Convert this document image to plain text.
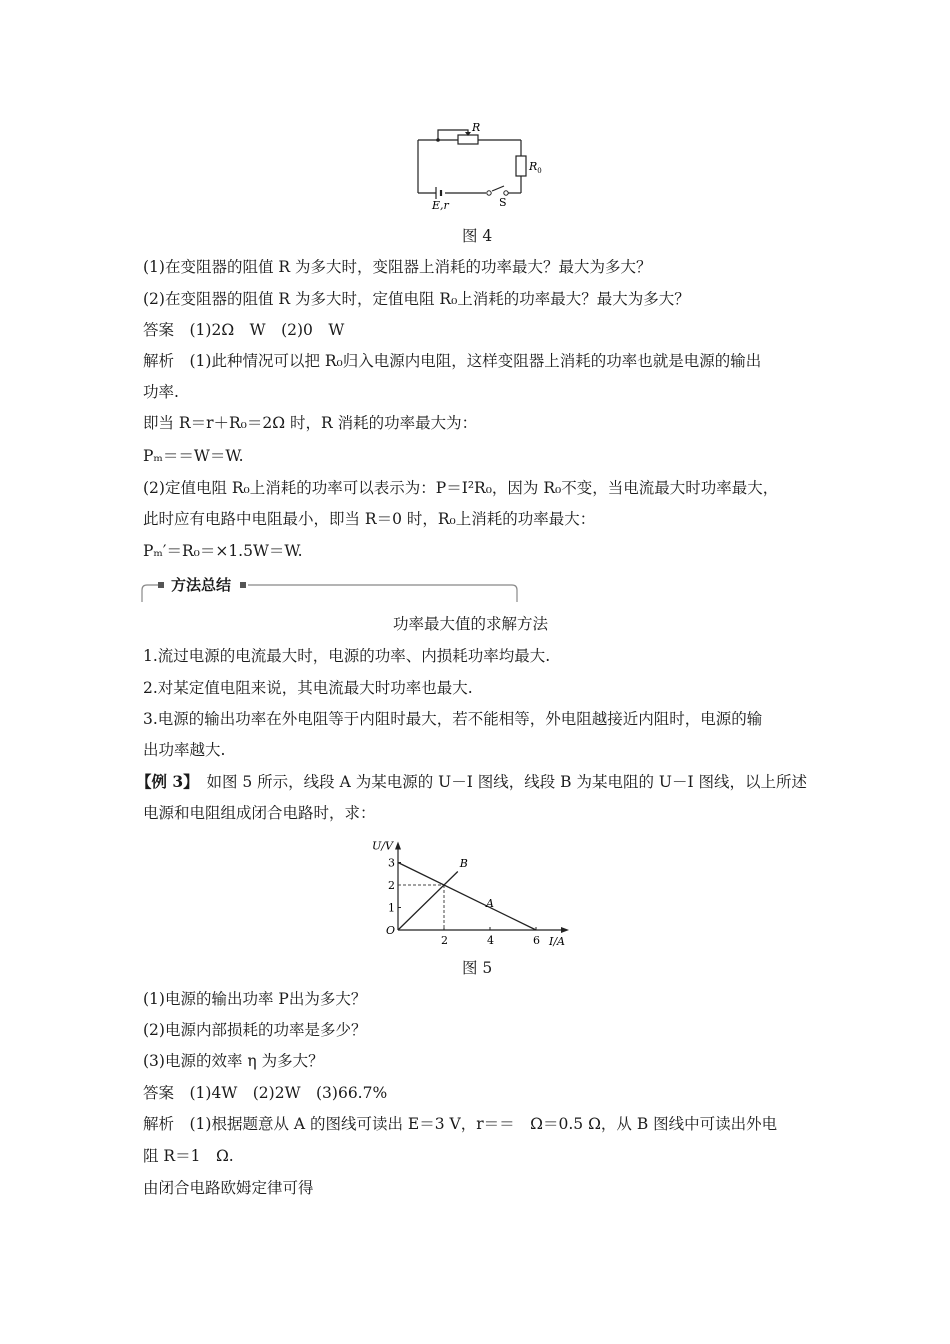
R
$R_0$
E,r	S
图 4
(1)在变阻器的阻值 R 为多大时，变阻器上消耗的功率最大？最大为多大？
(2)在变阻器的阻值 R 为多大时，定值电阻 R₀上消耗的功率最大？最大为多大？
答案　(1)2Ω　W　(2)0　W
解析　(1)此种情况可以把 R₀归入电源内电阻，这样变阻器上消耗的功率也就是电源的输出
功率.
即当 R＝r＋R₀＝2Ω 时，R 消耗的功率最大为：
Pₘ＝＝W＝W.
(2)定值电阻 R₀上消耗的功率可以表示为：P＝I²R₀，因为 R₀不变，当电流最大时功率最大，
此时应有电路中电阻最小，即当 R＝0 时，R₀上消耗的功率最大：
Pₘ′＝R₀＝×1.5W＝W.
方法总结
功率最大值的求解方法
1.流过电源的电流最大时，电源的功率、内损耗功率均最大.
2.对某定值电阻来说，其电流最大时功率也最大.
3.电源的输出功率在外电阻等于内阻时最大，若不能相等，外电阻越接近内阻时，电源的输
出功率越大.
【例 3】　如图 5 所示，线段 A 为某电源的 U－I 图线，线段 B 为某电阻的 U－I 图线，以上所述
电源和电阻组成闭合电路时，求：
U/V
I/A
O
1
2
3
2	4	6
A
B
图 5
(1)电源的输出功率 P出为多大？
(2)电源内部损耗的功率是多少？
(3)电源的效率 η 为多大？
答案　(1)4W　(2)2W　(3)66.7%
解析　(1)根据题意从 A 的图线可读出 E＝3 V，r＝＝　Ω＝0.5 Ω，从 B 图线中可读出外电
阻 R＝1　Ω.
由闭合电路欧姆定律可得
